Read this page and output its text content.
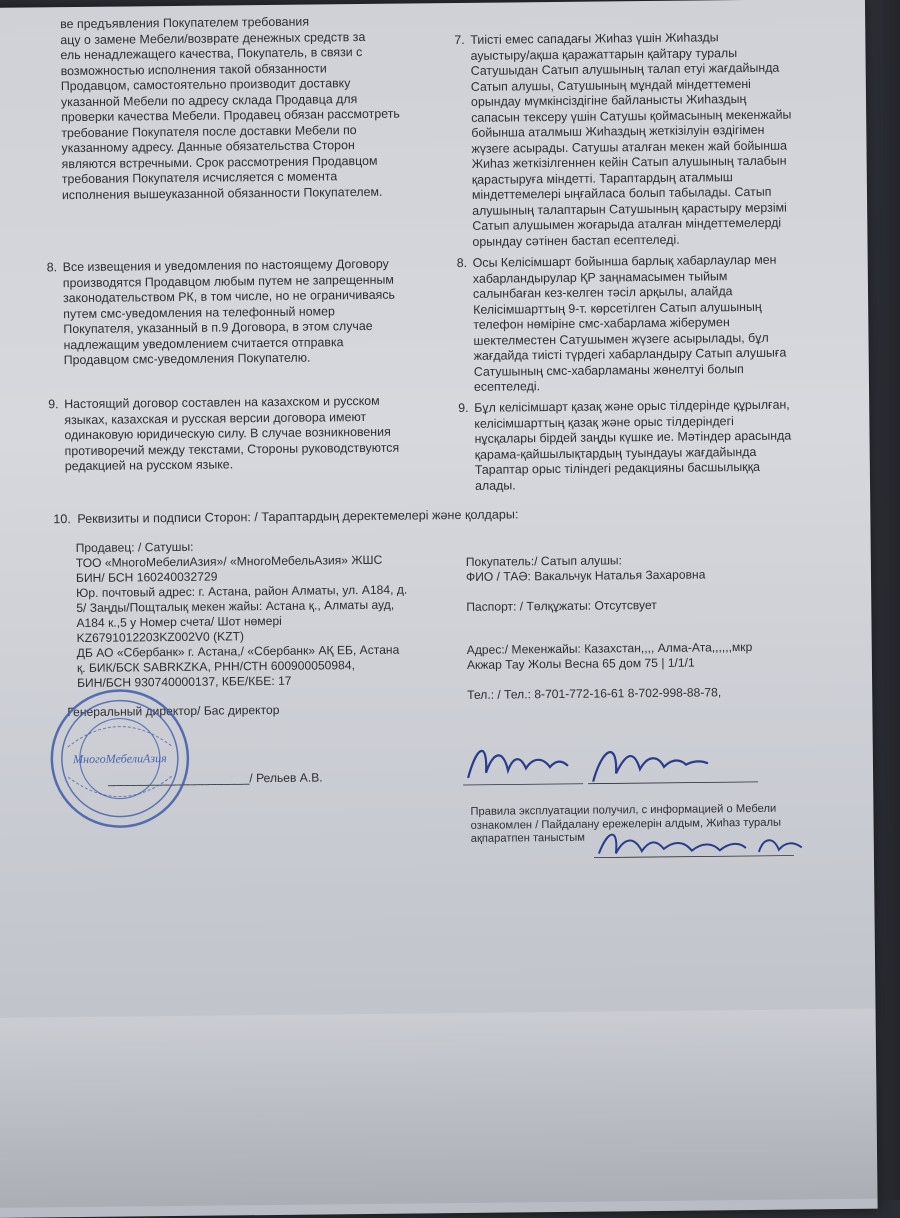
ве предъявления Покупателем требования
ацу о замене Мебели/возврате денежных средств за
ель ненадлежащего качества, Покупатель, в связи с
возможностью исполнения такой обязанности
Продавцом, самостоятельно производит доставку
указанной Мебели по адресу склада Продавца для
проверки качества Мебели. Продавец обязан рассмотреть
требование Покупателя после доставки Мебели по
указанному адресу. Данные обязательства Сторон
являются встречными. Срок рассмотрения Продавцом
требования Покупателя исчисляется с момента
исполнения вышеуказанной обязанности Покупателем.
8. Все извещения и уведомления по настоящему Договору
производятся Продавцом любым путем не запрещенным
законодательством РК, в том числе, но не ограничиваясь
путем смс-уведомления на телефонный номер
Покупателя, указанный в п.9 Договора, в этом случае
надлежащим уведомлением считается отправка
Продавцом смс-уведомления Покупателю.
9. Настоящий договор составлен на казахском и русском
языках, казахская и русская версии договора имеют
одинаковую юридическую силу. В случае возникновения
противоречий между текстами, Стороны руководствуются
редакцией на русском языке.
7. Тиісті емес сападағы Жиһаз үшін Жиһазды
ауыстыру/ақша қаражаттарын қайтару туралы
Сатушыдан Сатып алушының талап етуі жағдайында
Сатып алушы, Сатушының мұндай міндеттемені
орындау мүмкінсіздігіне байланысты Жиһаздың
сапасын тексеру үшін Сатушы қоймасының мекенжайы
бойынша аталмыш Жиһаздың жеткізілуін өздігімен
жүзеге асырады. Сатушы аталған мекен жай бойынша
Жиһаз жеткізілгеннен кейін Сатып алушының талабын
қарастыруға міндетті. Тараптардың аталмыш
міндеттемелері ыңғайласа болып табылады. Сатып
алушының талаптарын Сатушының қарастыру мерзімі
Сатып алушымен жоғарыда аталған міндеттемелерді
орындау сәтінен бастап есептеледі.
8. Осы Келісімшарт бойынша барлық хабарлаулар мен
хабарландырулар ҚР заңнамасымен тыйым
салынбаған кез-келген тәсіл арқылы, алайда
Келісімшарттың 9-т. көрсетілген Сатып алушының
телефон нөміріне смс-хабарлама жіберумен
шектелместен Сатушымен жүзеге асырылады, бұл
жағдайда тиісті түрдегі хабарландыру Сатып алушыға
Сатушының смс-хабарламаны жөнелтуі болып
есептеледі.
9. Бұл келісімшарт қазақ және орыс тілдерінде құрылған,
келісімшарттың қазақ және орыс тілдеріндегі
нұсқалары бірдей заңды күшке ие. Мәтіндер арасында
қарама-қайшылықтардың туындауы жағдайында
Тараптар орыс тіліндегі редакцияны басшылыққа
алады.
10. Реквизиты и подписи Сторон: / Тараптардың деректемелері және қолдары:
Продавец: / Сатушы:
ТОО «МногоМебелиАзия»/ «МногоМебельАзия» ЖШС
БИН/ БСН 160240032729
Юр. почтовый адрес: г. Астана, район Алматы, ул. А184, д.
5/ Заңды/Пощталық мекен жайы: Астана қ., Алматы ауд,
А184 к.,5 у Номер счета/ Шот нөмері
KZ6791012203KZ002V0 (KZT)
ДБ АО «Сбербанк» г. Астана,/ «Сбербанк» АҚ ЕБ, Астана
қ. БИК/БСК SABRKZKA, РНН/СТН 600900050984,
БИН/БСН 930740000137, КБЕ/КБЕ: 17
Генеральный директор/ Бас директор
_____________________/ Рельев А.В.
МногоМебелиАзия
Покупатель:/ Сатып алушы:
ФИО / ТАӘ: Вакальчук Наталья Захаровна
Паспорт: / Төлқұжаты: Отсутсвует
Адрес:/ Мекенжайы: Казахстан,,,, Алма-Ата,,,,,,мкр
Акжар Тау Жолы Весна 65 дом 75 | 1/1/1
Тел.: / Тел.: 8-701-772-16-61 8-702-998-88-78,
Правила эксплуатации получил, с информацией о Мебели
ознакомлен / Пайдалану ережелерін алдым, Жиһаз туралы
ақпаратпен таныстым
